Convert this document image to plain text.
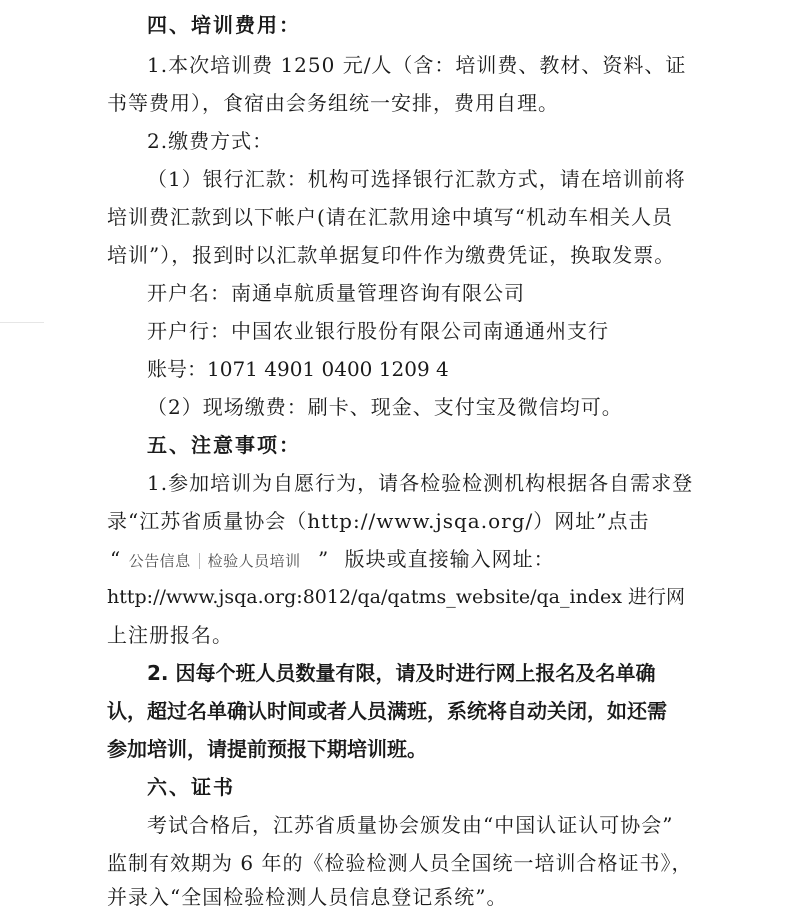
四、培训费用：
1.本次培训费 1250 元/人（含：培训费、教材、资料、证
书等费用），食宿由会务组统一安排，费用自理。
2.缴费方式：
（1）银行汇款：机构可选择银行汇款方式，请在培训前将
培训费汇款到以下帐户(请在汇款用途中填写“机动车相关人员
培训”），报到时以汇款单据复印件作为缴费凭证，换取发票。
开户名：南通卓航质量管理咨询有限公司
开户行：中国农业银行股份有限公司南通通州支行
账号：1071 4901 0400 1209 4
（2）现场缴费：刷卡、现金、支付宝及微信均可。
五、注意事项：
1.参加培训为自愿行为，请各检验检测机构根据各自需求登
录“江苏省质量协会（http://www.jsqa.org/）网址”点击
“ 公告信息 检验人员培训 ” 版块或直接输入网址：
http://www.jsqa.org:8012/qa/qatms_website/qa_index 进行网
上注册报名。
2. 因每个班人员数量有限，请及时进行网上报名及名单确
认，超过名单确认时间或者人员满班，系统将自动关闭，如还需
参加培训，请提前预报下期培训班。
六、证书
考试合格后，江苏省质量协会颁发由“中国认证认可协会”
监制有效期为 6 年的《检验检测人员全国统一培训合格证书》，
并录入“全国检验检测人员信息登记系统”。
